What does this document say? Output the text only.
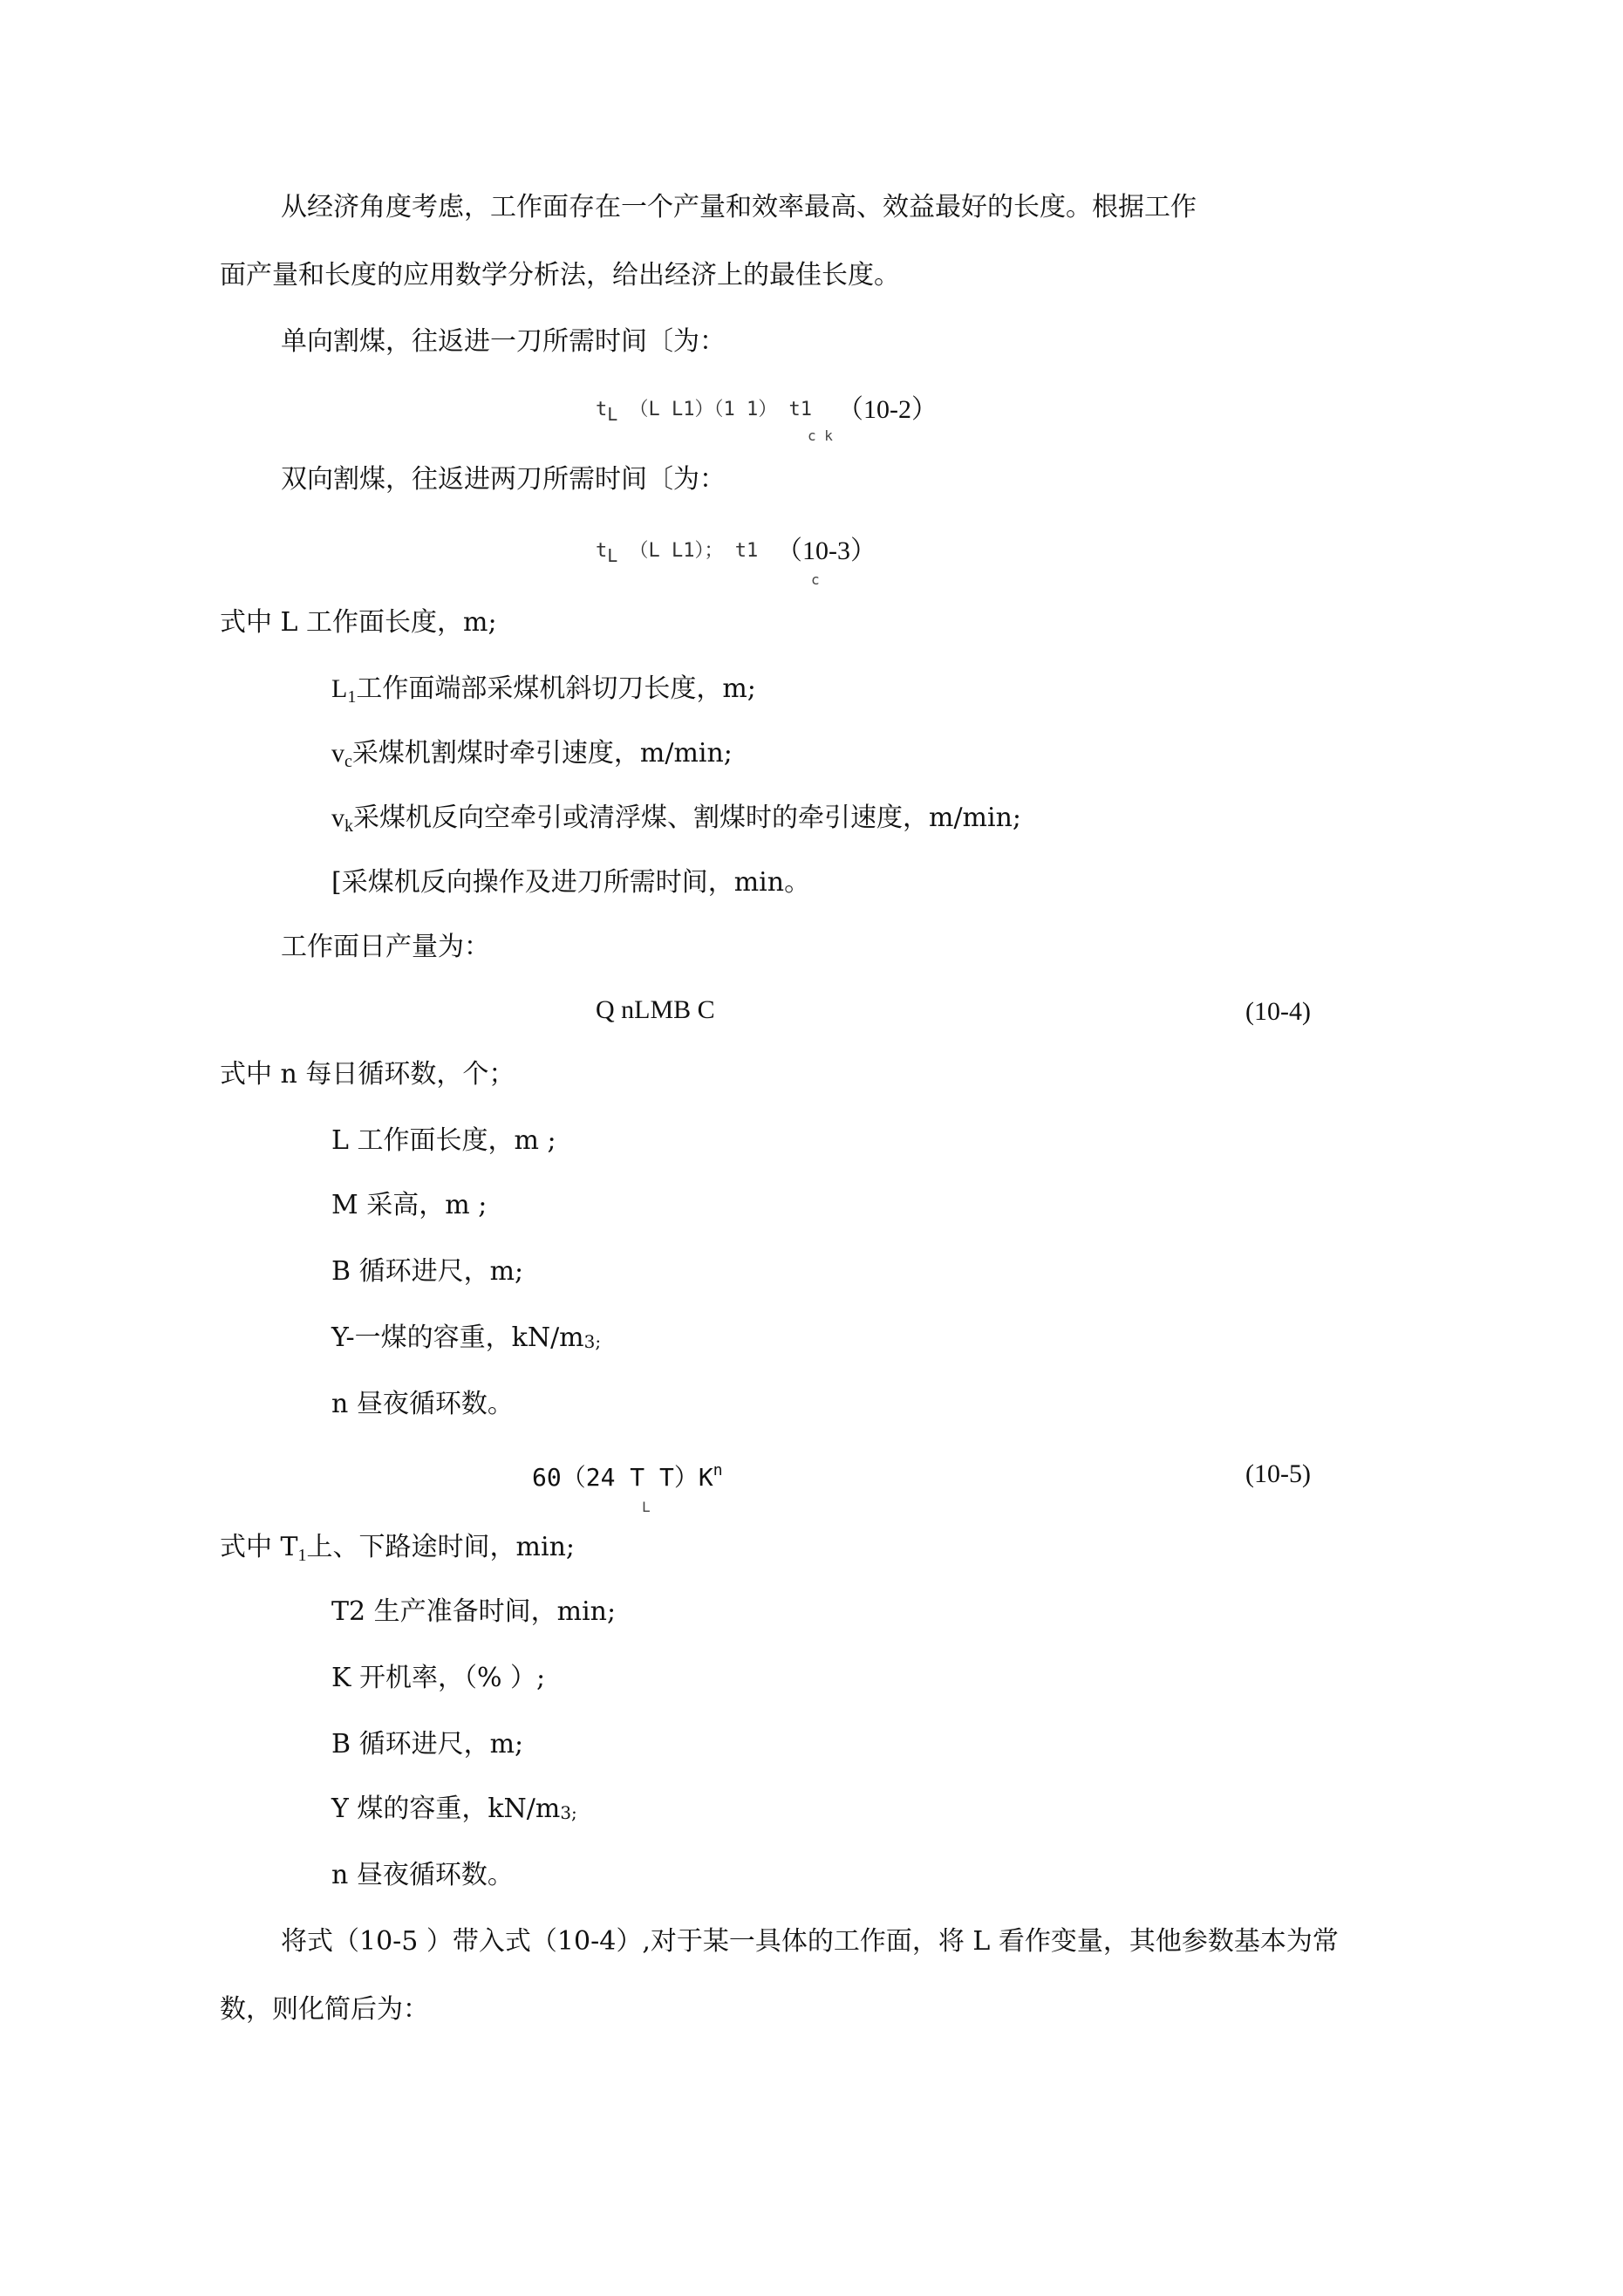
从经济角度考虑，工作面存在一个产量和效率最高、效益最好的长度。根据工作
面产量和长度的应用数学分析法，给出经济上的最佳长度。
单向割煤，往返进一刀所需时间〔为：
tL （L L1）（1 1） t1 （10-2）
c k
双向割煤，往返进两刀所需时间〔为：
tL （L L1）； t1 （10-3）
c
式中 L 工作面长度，m;
$L_1$工作面端部采煤机斜切刀长度，m;
$v_c$采煤机割煤时牵引速度，m/min;
$v_k$采煤机反向空牵引或清浮煤、割煤时的牵引速度，m/min;
[采煤机反向操作及进刀所需时间，min。
工作面日产量为：
Q nLMB C	(10-4)
式中 n 每日循环数，个；
L 工作面长度，m ;
M 采高，m ;
B 循环进尺，m;
Y-一煤的容重，kN/m3;
n 昼夜循环数。
60（24 T $T)K^n$
L
(10-5)
式中 $T_1$上、下路途时间，min;
T2 生产准备时间，min;
K 开机率，（% ）;
B 循环进尺，m;
Y 煤的容重，kN/m3;
n 昼夜循环数。
将式（10-5 ）带入式（10-4）,对于某一具体的工作面，将 L 看作变量，其他参数基本为常
数，则化简后为：
